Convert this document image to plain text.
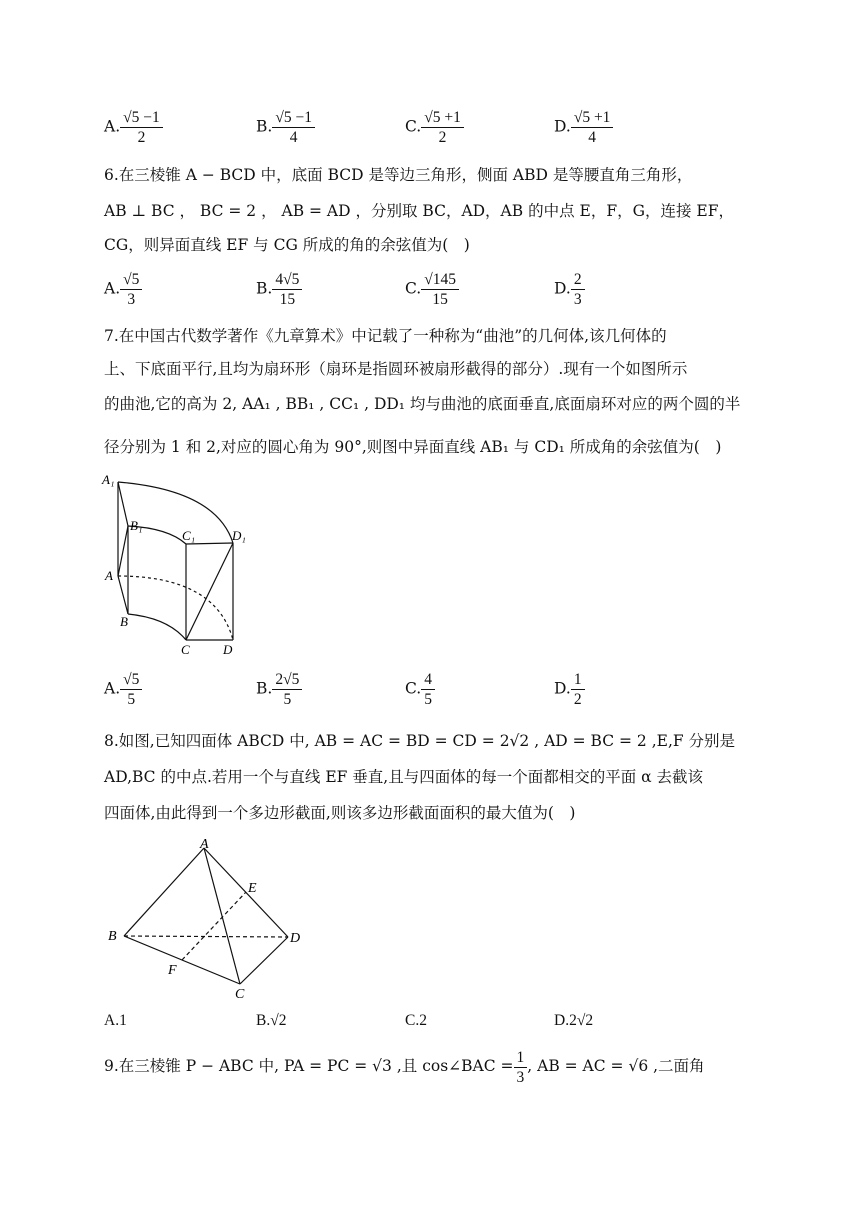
A. $\frac{√5 -1}{2}$	B. $\frac{√5 -1}{4}$	C. $\frac{√5 +1}{2}$	D. $\frac{√5 +1}{4}$
6.在三棱锥 A − BCD 中，底面 BCD 是等边三角形，侧面 ABD 是等腰直角三角形，
AB ⊥ BC ， BC = 2 ， AB = AD ，分别取 BC，AD，AB 的中点 E，F，G，连接 EF，
CG，则异面直线 EF 与 CG 所成的角的余弦值为(　)
A. $\frac{√5}{3}$	B. $\frac{4√5}{15}$	C. $\frac{√145}{15}$	D. $\frac{2}{3}$
7.在中国古代数学著作《九章算术》中记载了一种称为“曲池”的几何体,该几何体的
上、下底面平行,且均为扇环形（扇环是指圆环被扇形截得的部分）.现有一个如图所示
的曲池,它的高为 2, AA₁ , BB₁ , CC₁ , DD₁ 均与曲池的底面垂直,底面扇环对应的两个圆的半
径分别为 1 和 2,对应的圆心角为 90°,则图中异面直线 AB₁ 与 CD₁ 所成角的余弦值为(　)
A₁
B₁
C₁	D₁
A
B
C	D
A. $\frac{√5}{5}$	B. $\frac{2√5}{5}$	C. $\frac{4}{5}$	D. $\frac{1}{2}$
8.如图,已知四面体 ABCD 中, AB = AC = BD = CD = 2√2 , AD = BC = 2 ,E,F 分别是
AD,BC 的中点.若用一个与直线 EF 垂直,且与四面体的每一个面都相交的平面 α 去截该
四面体,由此得到一个多边形截面,则该多边形截面面积的最大值为(　)
A
B
C
D
E
F
A.1	B.√2	C.2	D.2√2
9.在三棱锥 P − ABC 中, PA = PC = √3 ,且 cos∠BAC = $\frac{1}{3}$ , AB = AC = √6 ,二面角
